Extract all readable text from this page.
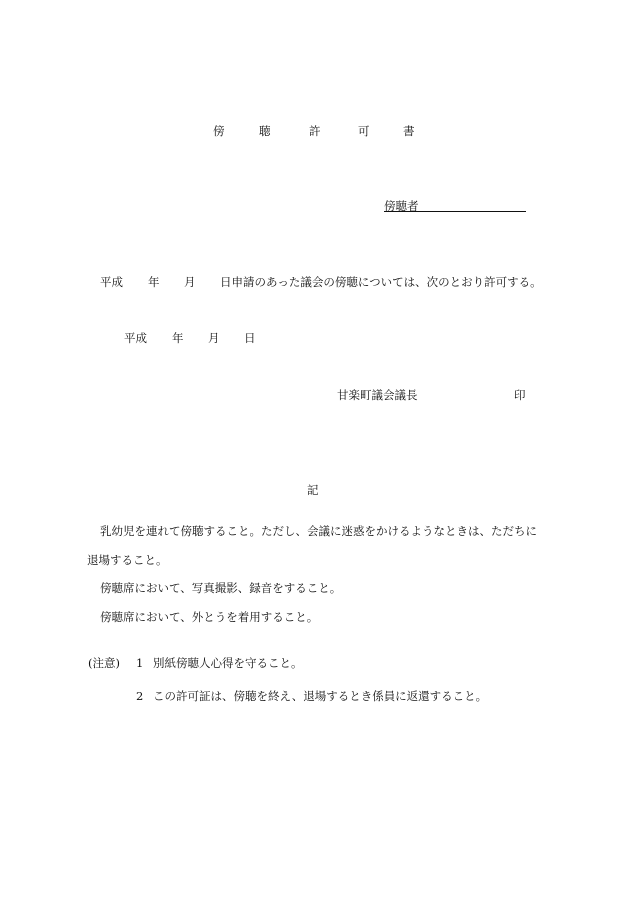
傍	聴	許	可	書
傍聴者
平成 年 月 日申請のあった議会の傍聴については、次のとおり許可する。
平成 年 月 日
甘楽町議会議長	印
記
乳幼児を連れて傍聴すること。ただし、会議に迷惑をかけるようなときは、ただちに
退場すること。
傍聴席において、写真撮影、録音をすること。
傍聴席において、外とうを着用すること。
(注意) 1 別紙傍聴人心得を守ること。
2 この許可証は、傍聴を終え、退場するとき係員に返還すること。
